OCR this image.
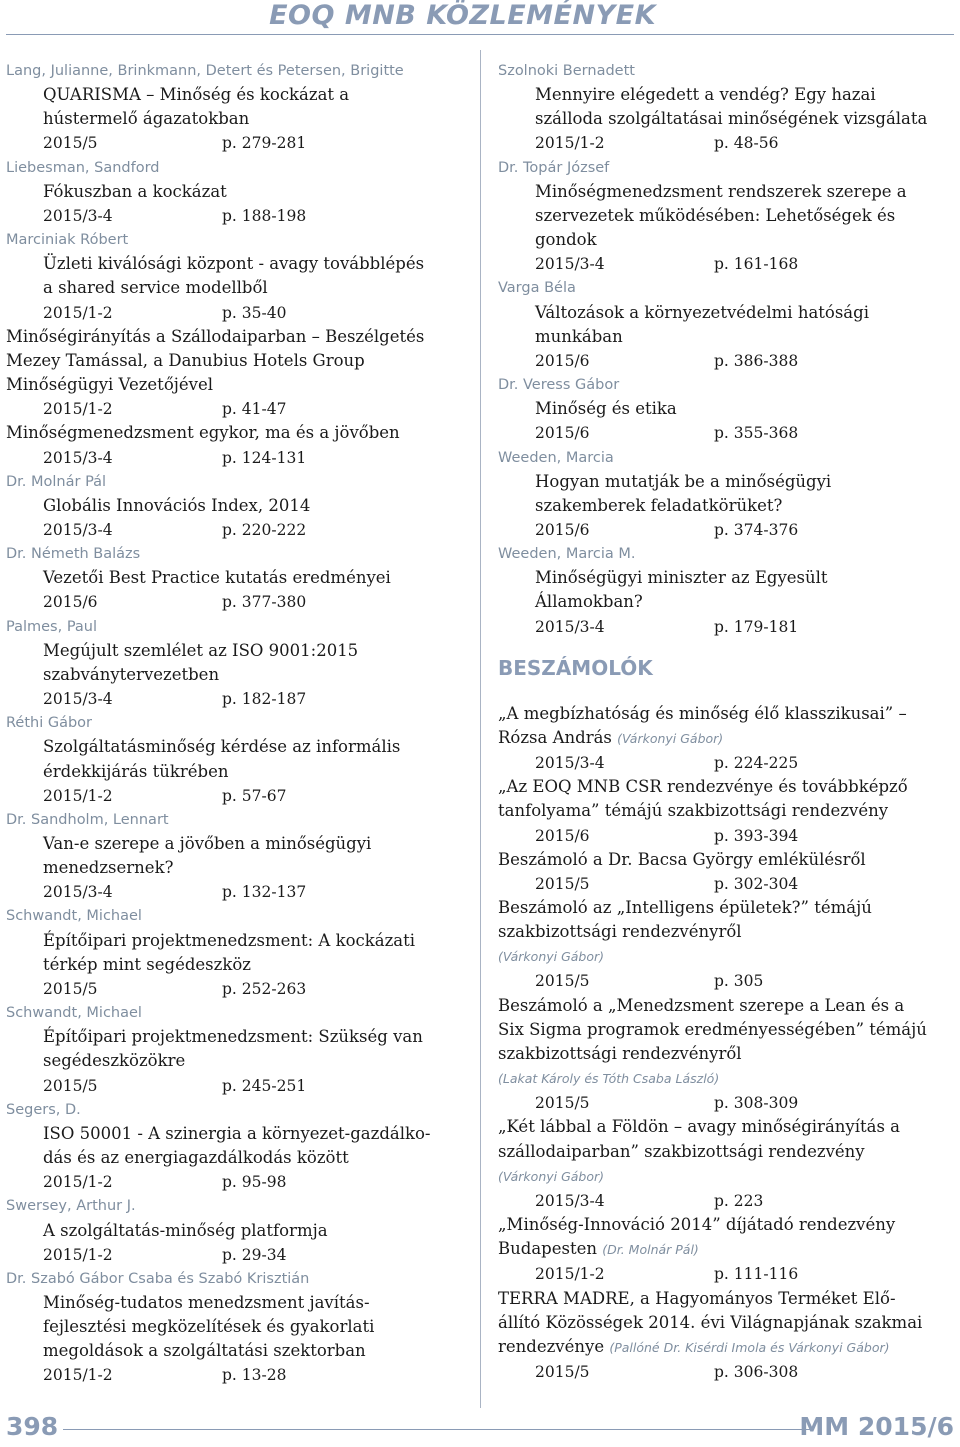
EOQ MNB KÖZLEMÉNYEK
Lang, Julianne, Brinkmann, Detert és Petersen, Brigitte
QUARISMA – Minőség és kockázat a
hústermelő ágazatokban
2015/5	p. 279-281
Liebesman, Sandford
Fókuszban a kockázat
2015/3-4	p. 188-198
Marciniak Róbert
Üzleti kiválósági központ - avagy továbblépés
a shared service modellből
2015/1-2	p. 35-40
Minőségirányítás a Szállodaiparban – Beszélgetés
Mezey Tamással, a Danubius Hotels Group
Minőségügyi Vezetőjével
2015/1-2	p. 41-47
Minőségmenedzsment egykor, ma és a jövőben
2015/3-4	p. 124-131
Dr. Molnár Pál
Globális Innovációs Index, 2014
2015/3-4	p. 220-222
Dr. Németh Balázs
Vezetői Best Practice kutatás eredményei
2015/6	p. 377-380
Palmes, Paul
Megújult szemlélet az ISO 9001:2015
szabványtervezetben
2015/3-4	p. 182-187
Réthi Gábor
Szolgáltatásminőség kérdése az informális
érdekkijárás tükrében
2015/1-2	p. 57-67
Dr. Sandholm, Lennart
Van-e szerepe a jövőben a minőségügyi
menedzsernek?
2015/3-4	p. 132-137
Schwandt, Michael
Építőipari projektmenedzsment: A kockázati
térkép mint segédeszköz
2015/5	p. 252-263
Schwandt, Michael
Építőipari projektmenedzsment: Szükség van
segédeszközökre
2015/5	p. 245-251
Segers, D.
ISO 50001 - A szinergia a környezet-gazdálko-
dás és az energiagazdálkodás között
2015/1-2	p. 95-98
Swersey, Arthur J.
A szolgáltatás-minőség platformja
2015/1-2	p. 29-34
Dr. Szabó Gábor Csaba és Szabó Krisztián
Minőség-tudatos menedzsment javítás-
fejlesztési megközelítések és gyakorlati
megoldások a szolgáltatási szektorban
2015/1-2	p. 13-28
Szolnoki Bernadett
Mennyire elégedett a vendég? Egy hazai
szálloda szolgáltatásai minőségének vizsgálata
2015/1-2	p. 48-56
Dr. Topár József
Minőségmenedzsment rendszerek szerepe a
szervezetek működésében: Lehetőségek és
gondok
2015/3-4	p. 161-168
Varga Béla
Változások a környezetvédelmi hatósági
munkában
2015/6	p. 386-388
Dr. Veress Gábor
Minőség és etika
2015/6	p. 355-368
Weeden, Marcia
Hogyan mutatják be a minőségügyi
szakemberek feladatkörüket?
2015/6	p. 374-376
Weeden, Marcia M.
Minőségügyi miniszter az Egyesült
Államokban?
2015/3-4	p. 179-181
BESZÁMOLÓK
„A megbízhatóság és minőség élő klasszikusai” –
Rózsa András (Várkonyi Gábor)
2015/3-4	p. 224-225
„Az EOQ MNB CSR rendezvénye és továbbképző
tanfolyama” témájú szakbizottsági rendezvény
2015/6	p. 393-394
Beszámoló a Dr. Bacsa György emlékülésről
2015/5	p. 302-304
Beszámoló az „Intelligens épületek?” témájú
szakbizottsági rendezvényről
(Várkonyi Gábor)
2015/5	p. 305
Beszámoló a „Menedzsment szerepe a Lean és a
Six Sigma programok eredményességében” témájú
szakbizottsági rendezvényről
(Lakat Károly és Tóth Csaba László)
2015/5	p. 308-309
„Két lábbal a Földön – avagy minőségirányítás a
szállodaiparban” szakbizottsági rendezvény
(Várkonyi Gábor)
2015/3-4	p. 223
„Minőség-Innováció 2014” díjátadó rendezvény
Budapesten (Dr. Molnár Pál)
2015/1-2	p. 111-116
TERRA MADRE, a Hagyományos Terméket Elő-
állító Közösségek 2014. évi Világnapjának szakmai
rendezvénye (Pallóné Dr. Kisérdi Imola és Várkonyi Gábor)
2015/5	p. 306-308
398	MM 2015/6
